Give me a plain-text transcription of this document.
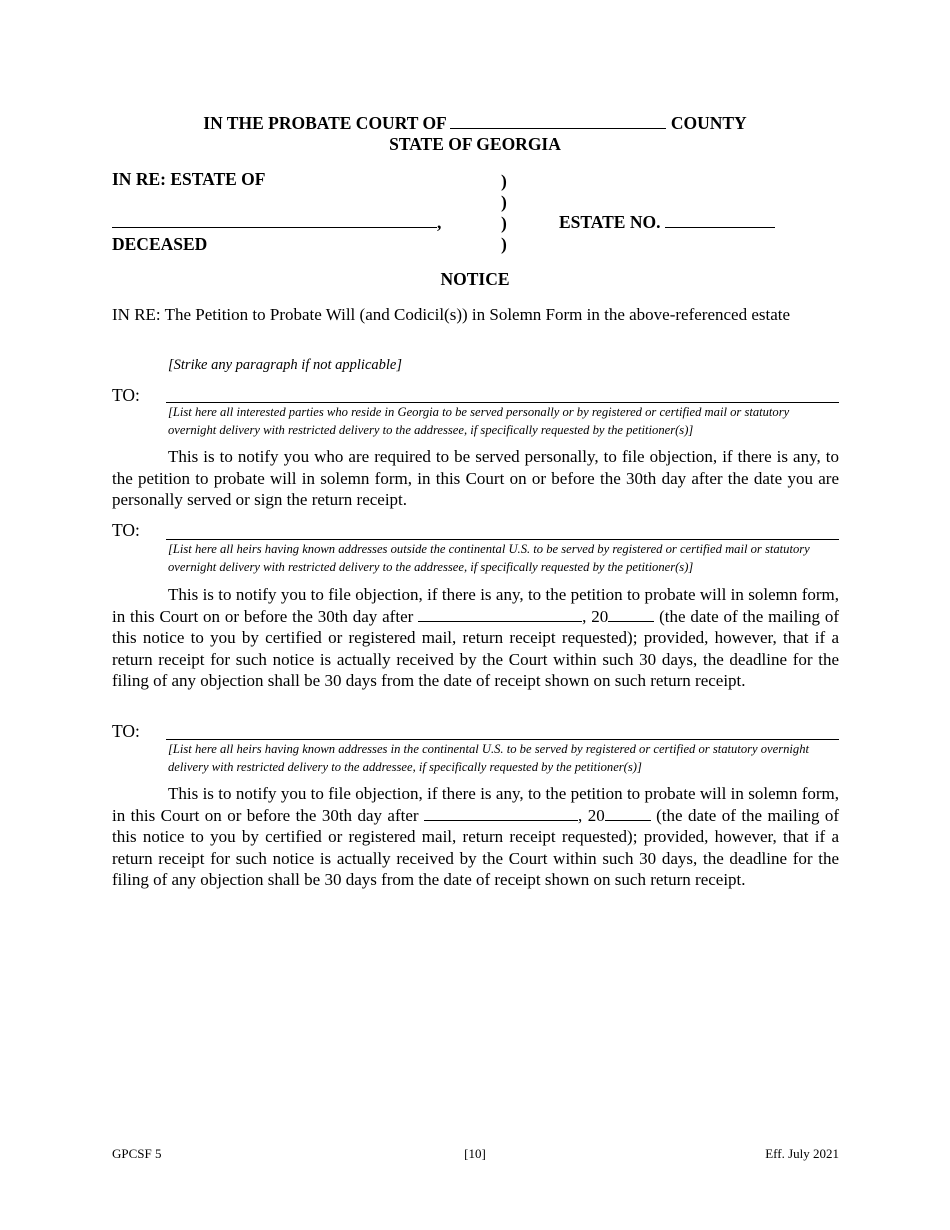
IN THE PROBATE COURT OF	COUNTY
STATE OF GEORGIA
IN RE: ESTATE OF	)
)
)
)
,
DECEASED
ESTATE NO.
NOTICE
IN RE: The Petition to Probate Will (and Codicil(s)) in Solemn Form in the above-referenced estate
[Strike any paragraph if not applicable]
TO:
[List here all interested parties who reside in Georgia to be served personally or by registered or certified mail or statutory overnight delivery with restricted delivery to the addressee, if specifically requested by the petitioner(s)]
This is to notify you who are required to be served personally, to file objection, if there is any, to the petition to probate will in solemn form, in this Court on or before the 30th day after the date you are personally served or sign the return receipt.
TO:
[List here all heirs having known addresses outside the continental U.S. to be served by registered or certified mail or statutory overnight delivery with restricted delivery to the addressee, if specifically requested by the petitioner(s)]
This is to notify you to file objection, if there is any, to the petition to probate will in solemn form, in this Court on or before the 30th day after	, 20	(the date of the mailing of this notice to you by certified or registered mail, return receipt requested); provided, however, that if a return receipt for such notice is actually received by the Court within such 30 days, the deadline for the filing of any objection shall be 30 days from the date of receipt shown on such return receipt.
TO:
[List here all heirs having known addresses in the continental U.S. to be served by registered or certified or statutory overnight delivery with restricted delivery to the addressee, if specifically requested by the petitioner(s)]
This is to notify you to file objection, if there is any, to the petition to probate will in solemn form, in this Court on or before the 30th day after	, 20	(the date of the mailing of this notice to you by certified or registered mail, return receipt requested); provided, however, that if a return receipt for such notice is actually received by the Court within such 30 days, the deadline for the filing of any objection shall be 30 days from the date of receipt shown on such return receipt.
GPCSF 5	[10]	Eff. July 2021
